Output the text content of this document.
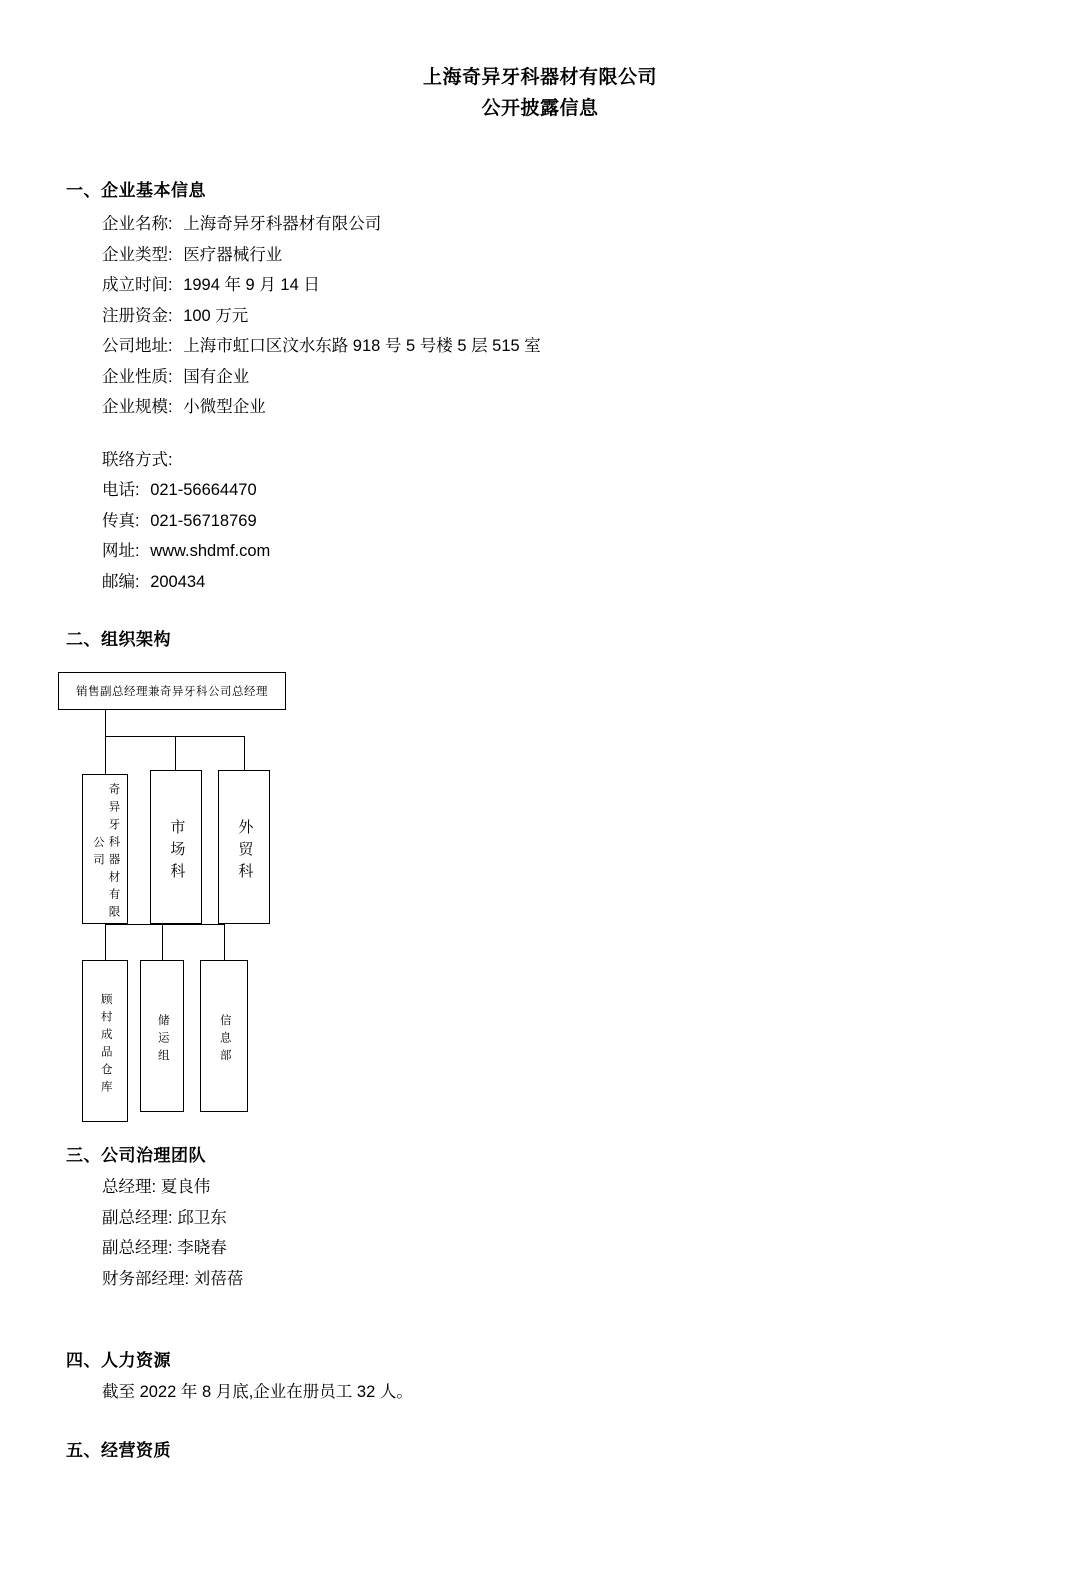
上海奇异牙科器材有限公司
公开披露信息
一、企业基本信息
企业名称: 上海奇异牙科器材有限公司
企业类型: 医疗器械行业
成立时间: 1994 年 9 月 14 日
注册资金: 100 万元
公司地址: 上海市虹口区汶水东路 918 号 5 号楼 5 层 515 室
企业性质: 国有企业
企业规模: 小微型企业
联络方式:
电话: 021-56664470
传真: 021-56718769
网址: www.shdmf.com
邮编: 200434
二、组织架构
销售副总经理兼奇异牙科公司总经理
奇异牙科器材有限公司	市场科	外贸科
顾村成品仓库	储运组	信息部
三、公司治理团队
总经理: 夏良伟
副总经理: 邱卫东
副总经理: 李晓春
财务部经理: 刘蓓蓓
四、人力资源
截至 2022 年 8 月底,企业在册员工 32 人。
五、经营资质
